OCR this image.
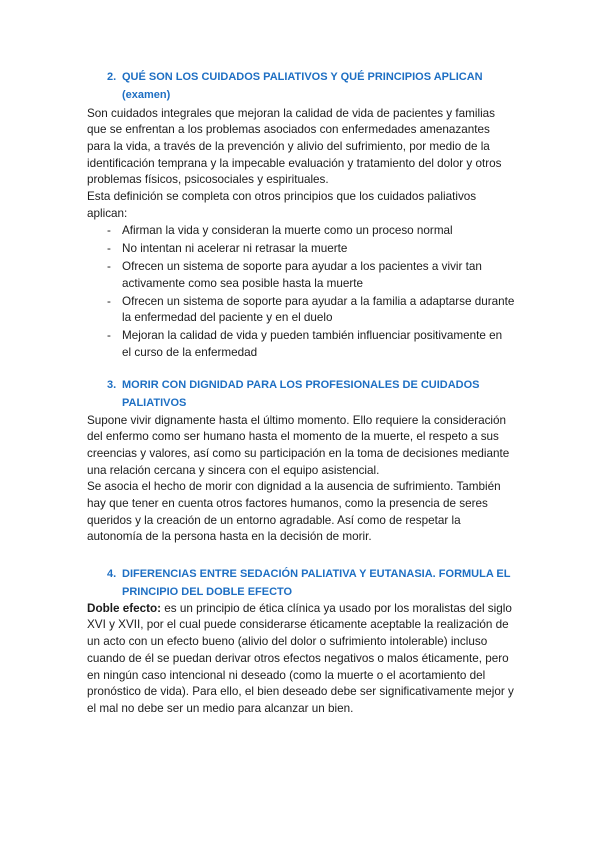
2. QUÉ SON LOS CUIDADOS PALIATIVOS Y QUÉ PRINCIPIOS APLICAN
(examen)

Son cuidados integrales que mejoran la calidad de vida de pacientes y familias
que se enfrentan a los problemas asociados con enfermedades amenazantes
para la vida, a través de la prevención y alivio del sufrimiento, por medio de la
identificación temprana y la impecable evaluación y tratamiento del dolor y otros
problemas físicos, psicosociales y espirituales.
Esta definición se completa con otros principios que los cuidados paliativos
aplican:

- Afirman la vida y consideran la muerte como un proceso normal
- No intentan ni acelerar ni retrasar la muerte
- Ofrecen un sistema de soporte para ayudar a los pacientes a vivir tan
activamente como sea posible hasta la muerte
- Ofrecen un sistema de soporte para ayudar a la familia a adaptarse durante
la enfermedad del paciente y en el duelo
- Mejoran la calidad de vida y pueden también influenciar positivamente en
el curso de la enfermedad
3. MORIR CON DIGNIDAD PARA LOS PROFESIONALES DE CUIDADOS
PALIATIVOS

Supone vivir dignamente hasta el último momento. Ello requiere la consideración
del enfermo como ser humano hasta el momento de la muerte, el respeto a sus
creencias y valores, así como su participación en la toma de decisiones mediante
una relación cercana y sincera con el equipo asistencial.
Se asocia el hecho de morir con dignidad a la ausencia de sufrimiento. También
hay que tener en cuenta otros factores humanos, como la presencia de seres
queridos y la creación de un entorno agradable. Así como de respetar la
autonomía de la persona hasta en la decisión de morir.

4. DIFERENCIAS ENTRE SEDACIÓN PALIATIVA Y EUTANASIA. FORMULA EL
PRINCIPIO DEL DOBLE EFECTO

Doble efecto: es un principio de ética clínica ya usado por los moralistas del siglo
XVI y XVII, por el cual puede considerarse éticamente aceptable la realización de
un acto con un efecto bueno (alivio del dolor o sufrimiento intolerable) incluso
cuando de él se puedan derivar otros efectos negativos o malos éticamente, pero
en ningún caso intencional ni deseado (como la muerte o el acortamiento del
pronóstico de vida). Para ello, el bien deseado debe ser significativamente mejor y
el mal no debe ser un medio para alcanzar un bien.
